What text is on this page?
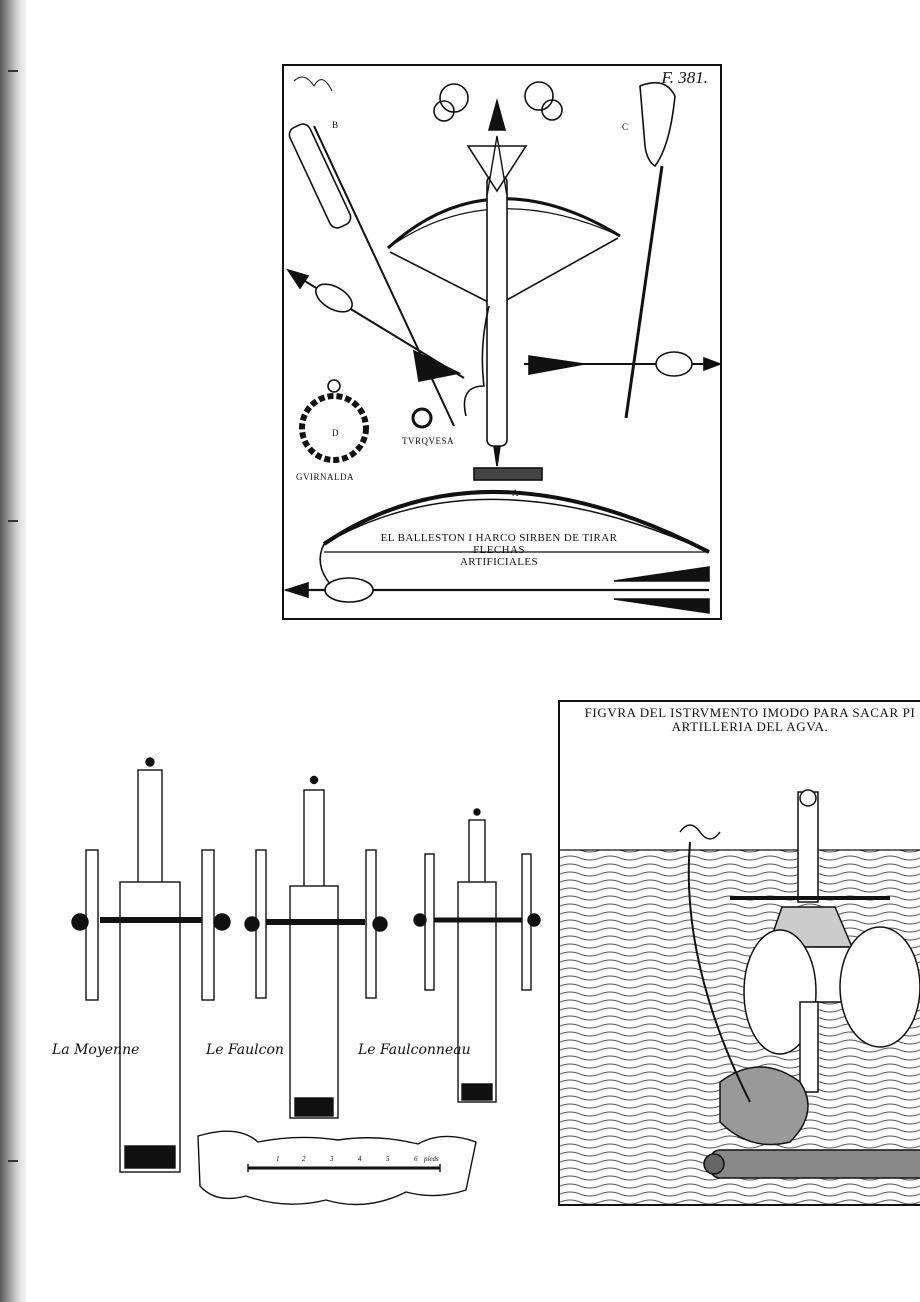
F. 381.
B	C
D
TVRQVESA
GVIRNALDA
A
EL BALLESTON I HARCO SIRBEN DE TIRAR FLECHAS
ARTIFICIALES
La Moyenne	Le Faulcon	Le Faulconneau
1	2	3	4	5	6 pieds
FIGVRA DEL ISTRVMENTO IMODO PARA SACAR PI
ARTILLERIA DEL AGVA.
